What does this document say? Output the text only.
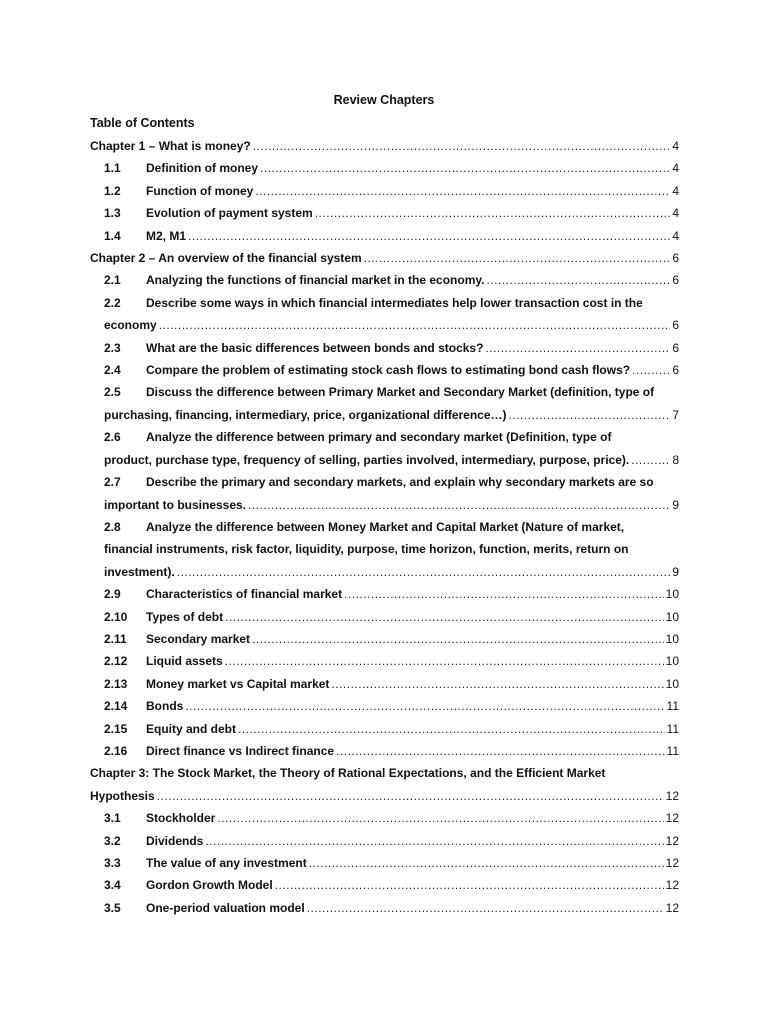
Review Chapters
Table of Contents
Chapter 1 – What is money? .....	4
1.1	Definition of money .....	4
1.2	Function of money .....	4
1.3	Evolution of payment system .....	4
1.4	M2, M1 .....	4
Chapter 2 – An overview of the financial system .....	6
2.1	Analyzing the functions of financial market in the economy. .....	6
2.2 Describe some ways in which financial intermediates help lower transaction cost in the
economy .....	6
2.3	What are the basic differences between bonds and stocks? .....	6
2.4	Compare the problem of estimating stock cash flows to estimating bond cash flows? .....	6
2.5 Discuss the difference between Primary Market and Secondary Market (definition, type of
purchasing, financing, intermediary, price, organizational difference…) .....	7
2.6 Analyze the difference between primary and secondary market (Definition, type of
product, purchase type, frequency of selling, parties involved, intermediary, purpose, price). .....	8
2.7 Describe the primary and secondary markets, and explain why secondary markets are so
important to businesses. .....	9
2.8 Analyze the difference between Money Market and Capital Market (Nature of market,
financial instruments, risk factor, liquidity, purpose, time horizon, function, merits, return on
investment). .....	9
2.9	Characteristics of financial market .....	10
2.10	Types of debt .....	10
2.11	Secondary market .....	10
2.12	Liquid assets .....	10
2.13	Money market vs Capital market .....	10
2.14	Bonds .....	11
2.15	Equity and debt .....	11
2.16	Direct finance vs Indirect finance .....	11
Chapter 3: The Stock Market, the Theory of Rational Expectations, and the Efficient Market
Hypothesis .....	12
3.1	Stockholder .....	12
3.2	Dividends .....	12
3.3	The value of any investment .....	12
3.4	Gordon Growth Model .....	12
3.5	One-period valuation model .....	12
